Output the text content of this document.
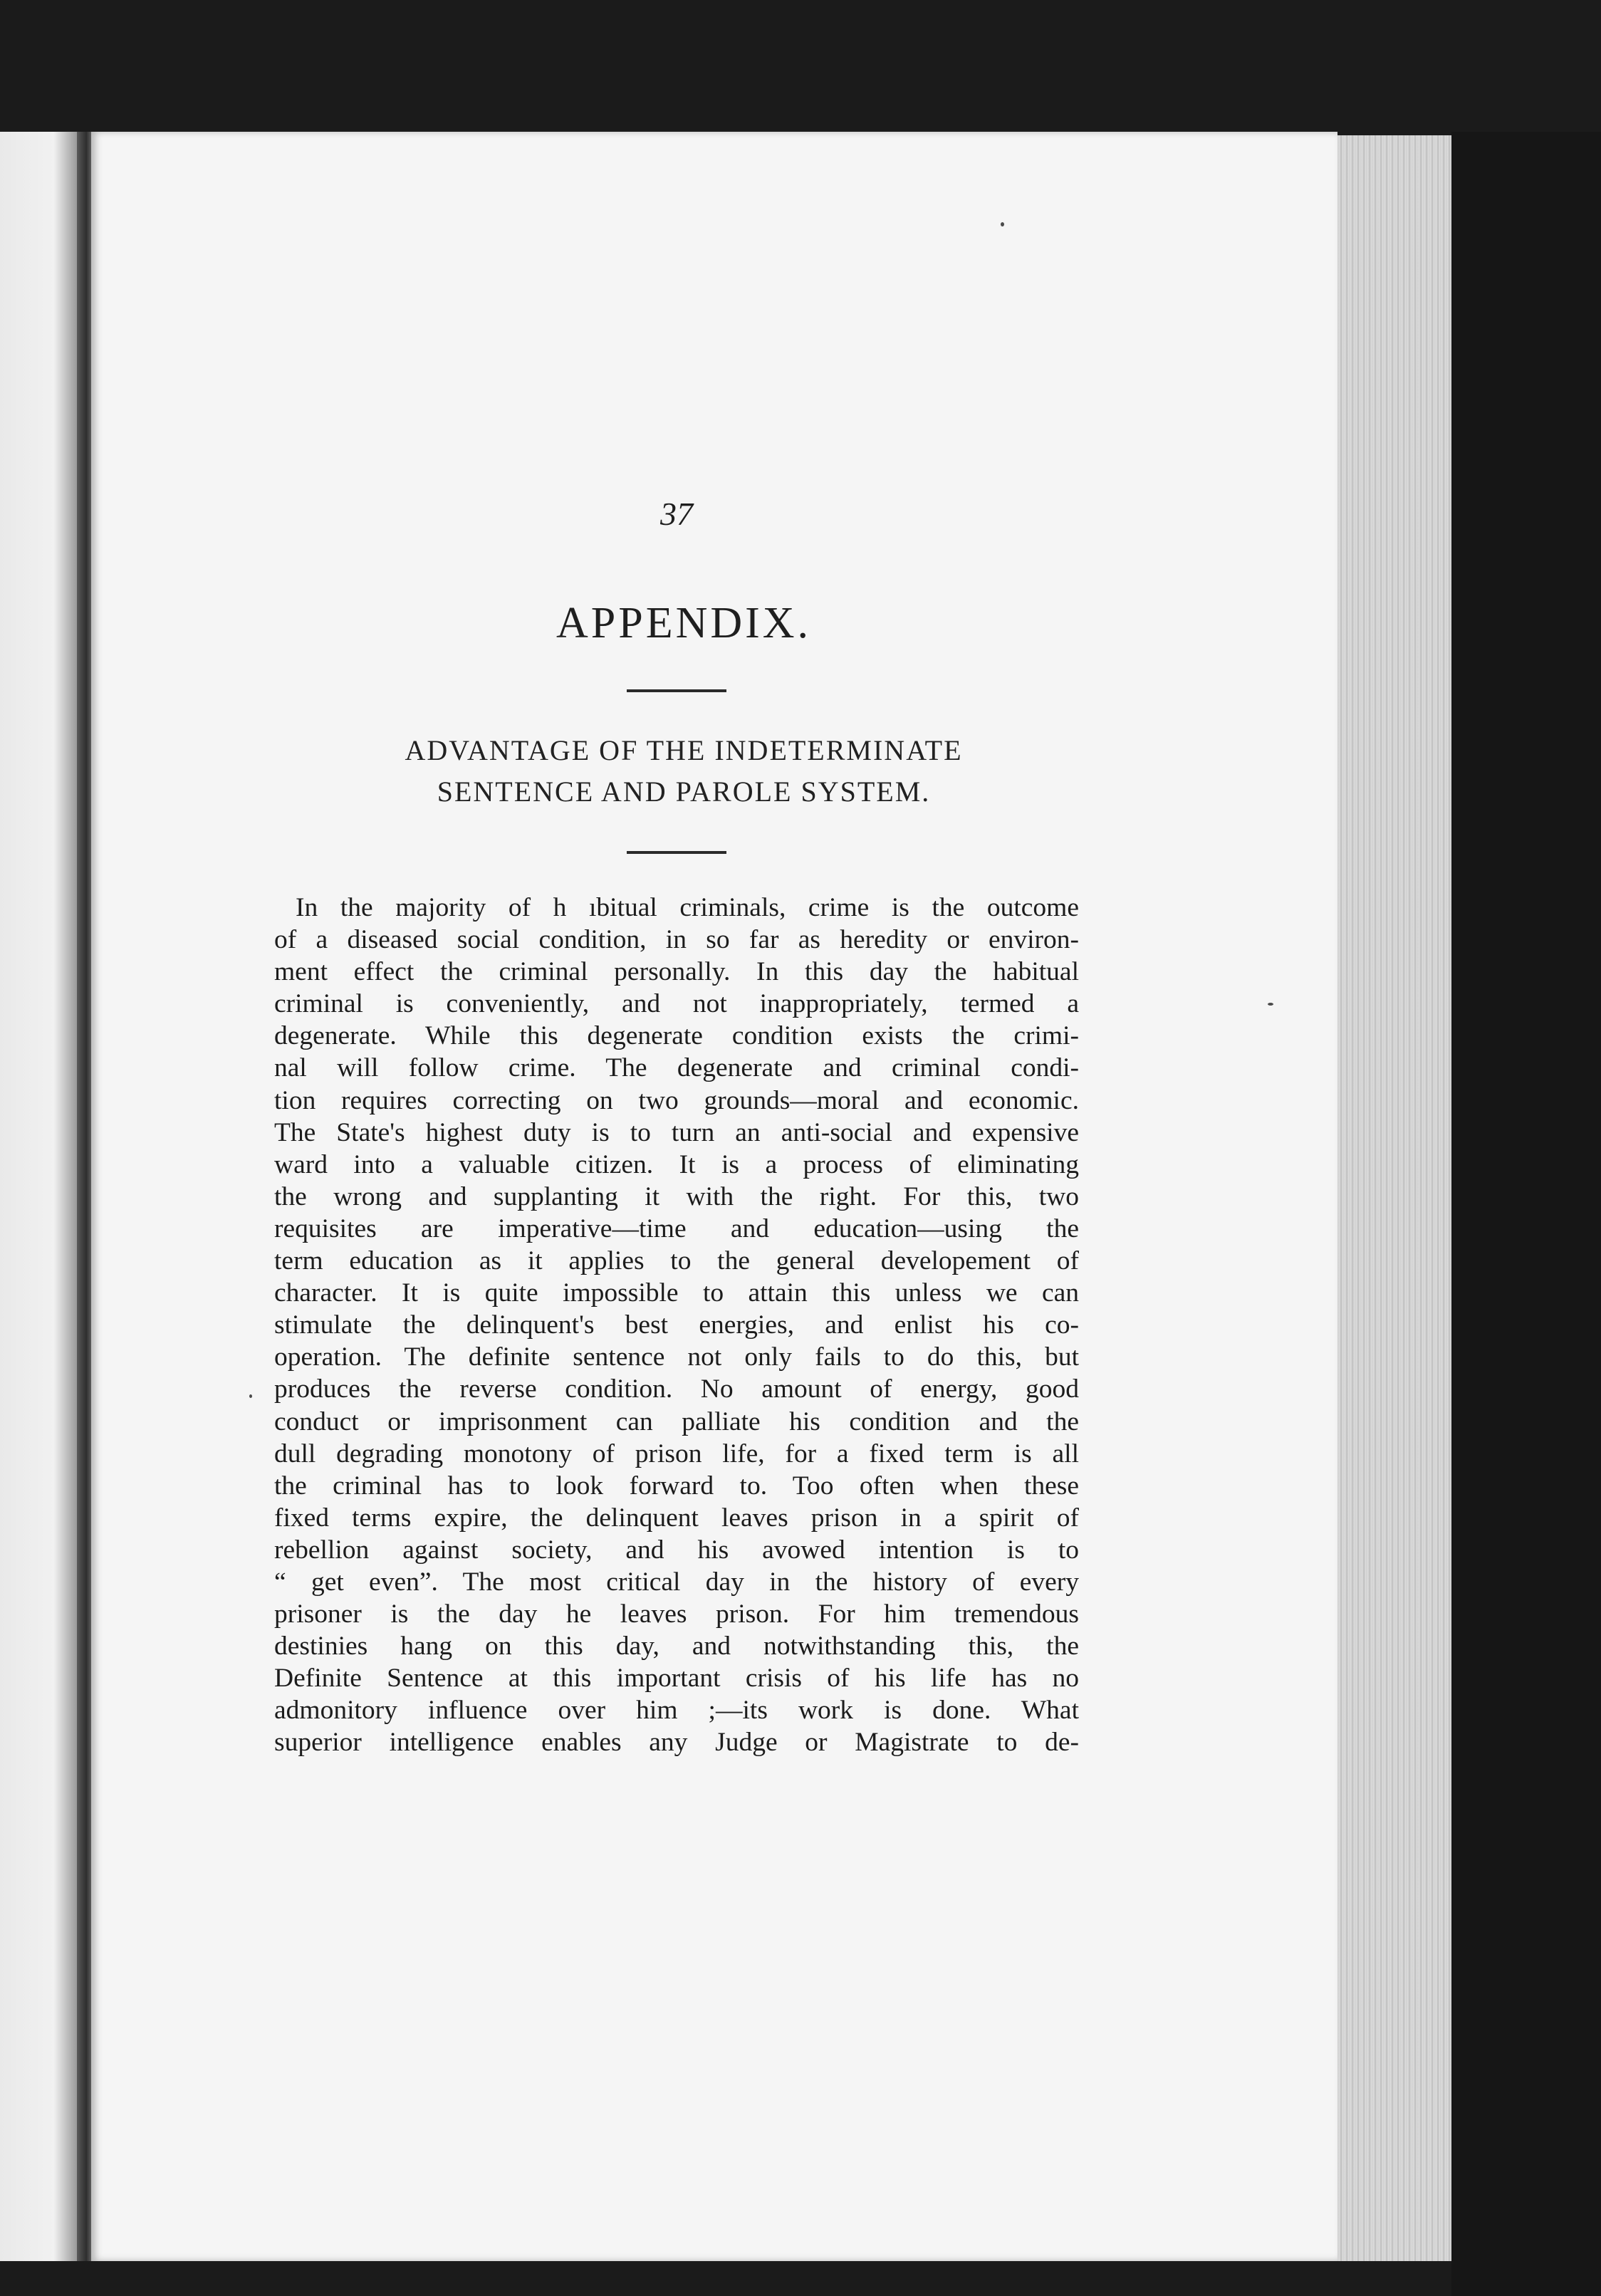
37
APPENDIX.
ADVANTAGE OF THE INDETERMINATE
SENTENCE AND PAROLE SYSTEM.
In the majority of h ıbitual criminals, crime is the outcome
of a diseased social condition, in so far as heredity or environ-
ment effect the criminal personally. In this day the habitual
criminal is conveniently, and not inappropriately, termed a
degenerate. While this degenerate condition exists the crimi-
nal will follow crime. The degenerate and criminal condi-
tion requires correcting on two grounds—moral and economic.
The State's highest duty is to turn an anti-social and expensive
ward into a valuable citizen. It is a process of eliminating
the wrong and supplanting it with the right. For this, two
requisites are imperative—time and education—using the
term education as it applies to the general developement of
character. It is quite impossible to attain this unless we can
stimulate the delinquent's best energies, and enlist his co-
operation. The definite sentence not only fails to do this, but
produces the reverse condition. No amount of energy, good
conduct or imprisonment can palliate his condition and the
dull degrading monotony of prison life, for a fixed term is all
the criminal has to look forward to. Too often when these
fixed terms expire, the delinquent leaves prison in a spirit of
rebellion against society, and his avowed intention is to
“ get even”. The most critical day in the history of every
prisoner is the day he leaves prison. For him tremendous
destinies hang on this day, and notwithstanding this, the
Definite Sentence at this important crisis of his life has no
admonitory influence over him ;—its work is done. What
superior intelligence enables any Judge or Magistrate to de-
